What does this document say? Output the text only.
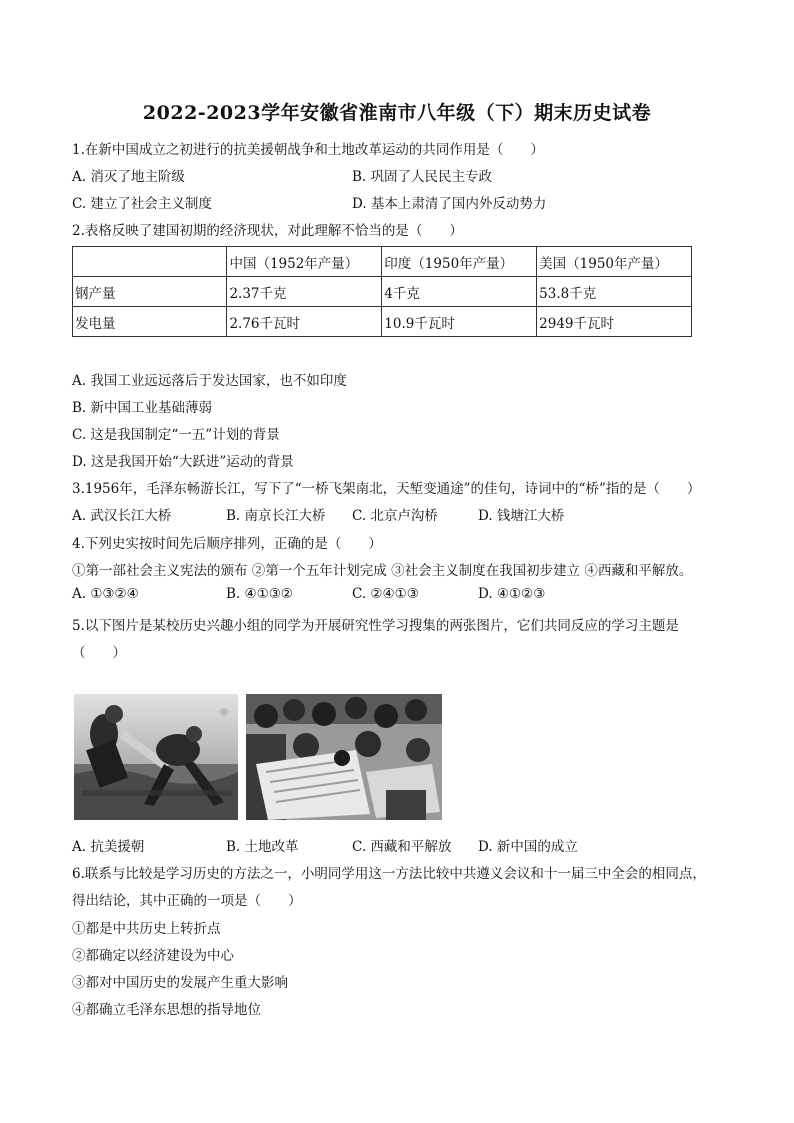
2022-2023学年安徽省淮南市八年级（下）期末历史试卷
1.在新中国成立之初进行的抗美援朝战争和土地改革运动的共同作用是（　　）
A. 消灭了地主阶级	B. 巩固了人民民主专政
C. 建立了社会主义制度	D. 基本上肃清了国内外反动势力
2.表格反映了建国初期的经济现状，对此理解不恰当的是（　　）
	中国（1952年产量）	印度（1950年产量）	美国（1950年产量）
钢产量	2.37千克	4千克	53.8千克
发电量	2.76千瓦时	10.9千瓦时	2949千瓦时
A. 我国工业远远落后于发达国家，也不如印度
B. 新中国工业基础薄弱
C. 这是我国制定“一五”计划的背景
D. 这是我国开始“大跃进”运动的背景
3.1956年，毛泽东畅游长江，写下了“一桥飞架南北，天堑变通途”的佳句，诗词中的“桥”指的是（　　）
A. 武汉长江大桥	B. 南京长江大桥 C. 北京卢沟桥	D. 钱塘江大桥
4.下列史实按时间先后顺序排列，正确的是（　　）
①第一部社会主义宪法的颁布 ②第一个五年计划完成 ③社会主义制度在我国初步建立 ④西藏和平解放。
A. ①③②④	B. ④①③②	C. ②④①③	D. ④①②③
5.以下图片是某校历史兴趣小组的同学为开展研究性学习搜集的两张图片，它们共同反应的学习主题是
（　　）
A. 抗美援朝	B. 土地改革	C. 西藏和平解放 D. 新中国的成立
6.联系与比较是学习历史的方法之一，小明同学用这一方法比较中共遵义会议和十一届三中全会的相同点，
得出结论，其中正确的一项是（　　）
①都是中共历史上转折点
②都确定以经济建设为中心
③都对中国历史的发展产生重大影响
④都确立毛泽东思想的指导地位
